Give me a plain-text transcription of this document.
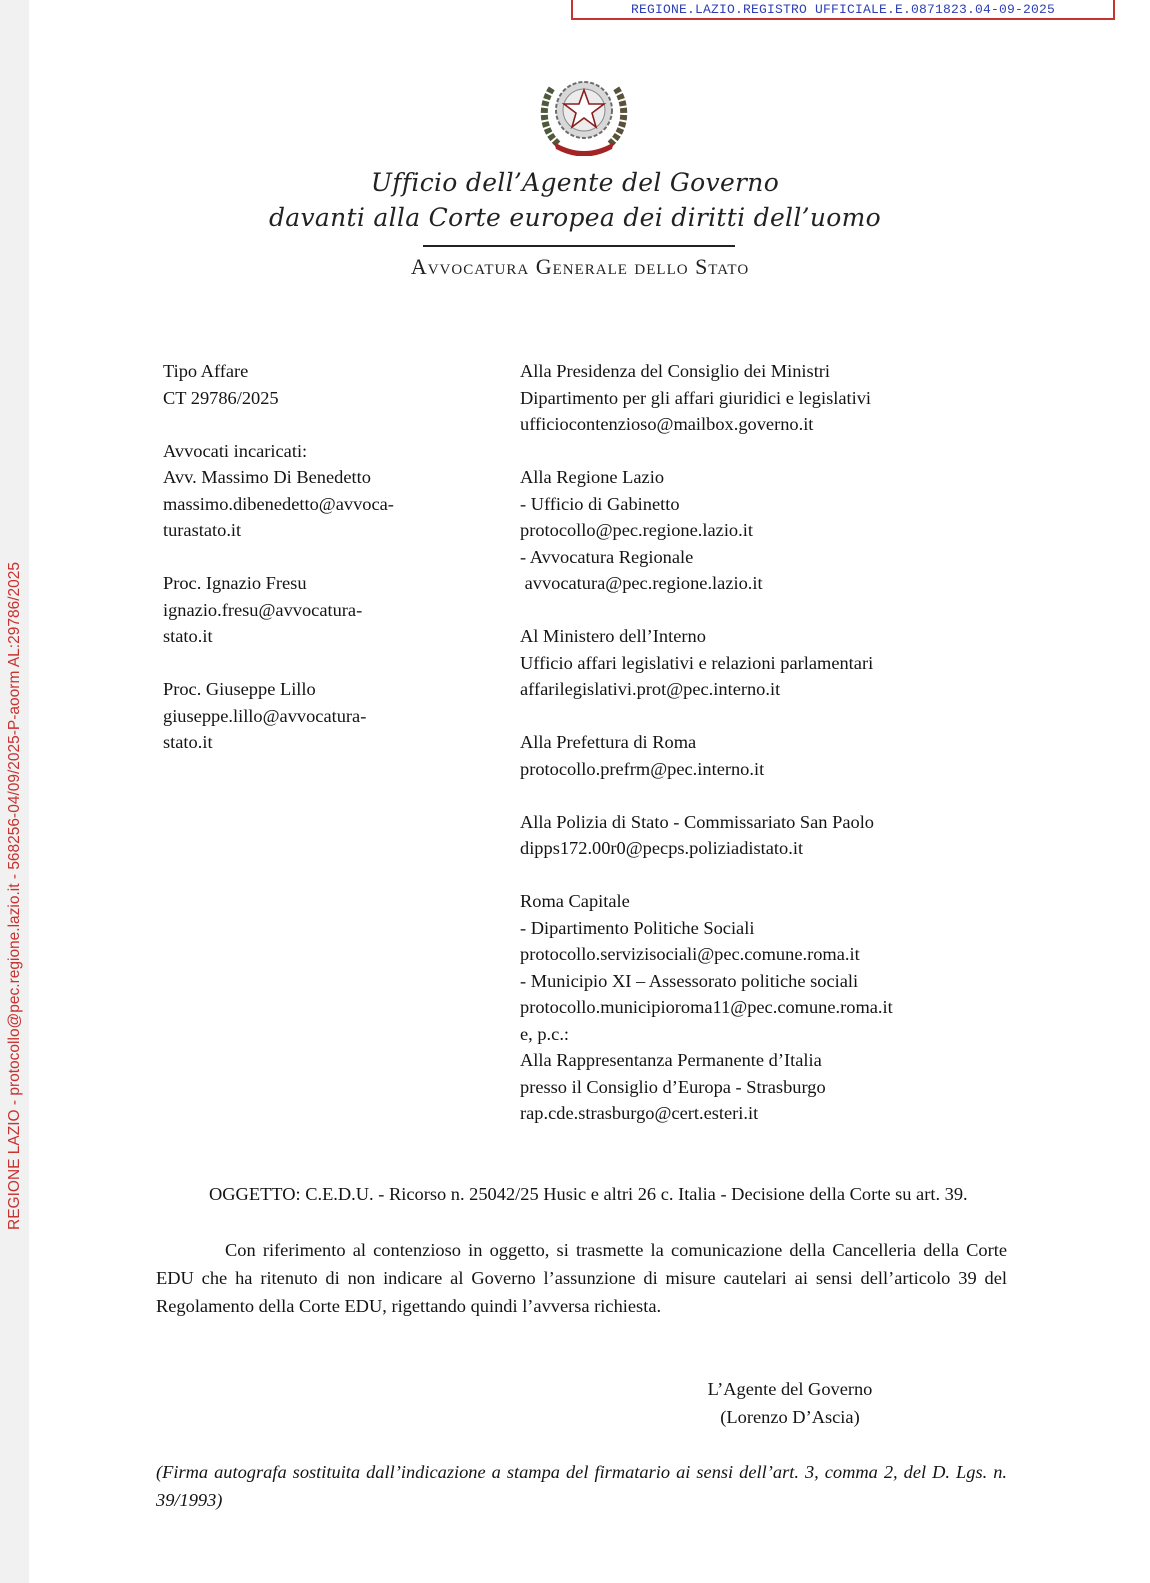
REGIONE.LAZIO.REGISTRO UFFICIALE.E.0871823.04-09-2025
REGIONE LAZIO - protocollo@pec.regione.lazio.it - 568256-04/09/2025-P-aoorm AL:29786/2025
Ufficio dell’Agente del Governo
davanti alla Corte europea dei diritti dell’uomo
Avvocatura Generale dello Stato
Tipo Affare
CT 29786/2025
Avvocati incaricati:
Avv. Massimo Di Benedetto
massimo.dibenedetto@avvoca-
turastato.it
Proc. Ignazio Fresu
ignazio.fresu@avvocatura-
stato.it
Proc. Giuseppe Lillo
giuseppe.lillo@avvocatura-
stato.it
Alla Presidenza del Consiglio dei Ministri
Dipartimento per gli affari giuridici e legislativi
ufficiocontenzioso@mailbox.governo.it
Alla Regione Lazio
- Ufficio di Gabinetto
protocollo@pec.regione.lazio.it
- Avvocatura Regionale
avvocatura@pec.regione.lazio.it
Al Ministero dell’Interno
Ufficio affari legislativi e relazioni parlamentari
affarilegislativi.prot@pec.interno.it
Alla Prefettura di Roma
protocollo.prefrm@pec.interno.it
Alla Polizia di Stato - Commissariato San Paolo
dipps172.00r0@pecps.poliziadistato.it
Roma Capitale
- Dipartimento Politiche Sociali
protocollo.servizisociali@pec.comune.roma.it
- Municipio XI – Assessorato politiche sociali
protocollo.municipioroma11@pec.comune.roma.it
e, p.c.:
Alla Rappresentanza Permanente d’Italia
presso il Consiglio d’Europa - Strasburgo
rap.cde.strasburgo@cert.esteri.it
OGGETTO: C.E.D.U. - Ricorso n. 25042/25 Husic e altri 26 c. Italia - Decisione della Corte su art. 39.
Con riferimento al contenzioso in oggetto, si trasmette la comunicazione della Cancelleria della Corte EDU che ha ritenuto di non indicare al Governo l’assunzione di misure cautelari ai sensi dell’articolo 39 del Regolamento della Corte EDU, rigettando quindi l’avversa richiesta.
L’Agente del Governo
(Lorenzo D’Ascia)
(Firma autografa sostituita dall’indicazione a stampa del firmatario ai sensi dell’art. 3, comma 2, del D. Lgs. n. 39/1993)
